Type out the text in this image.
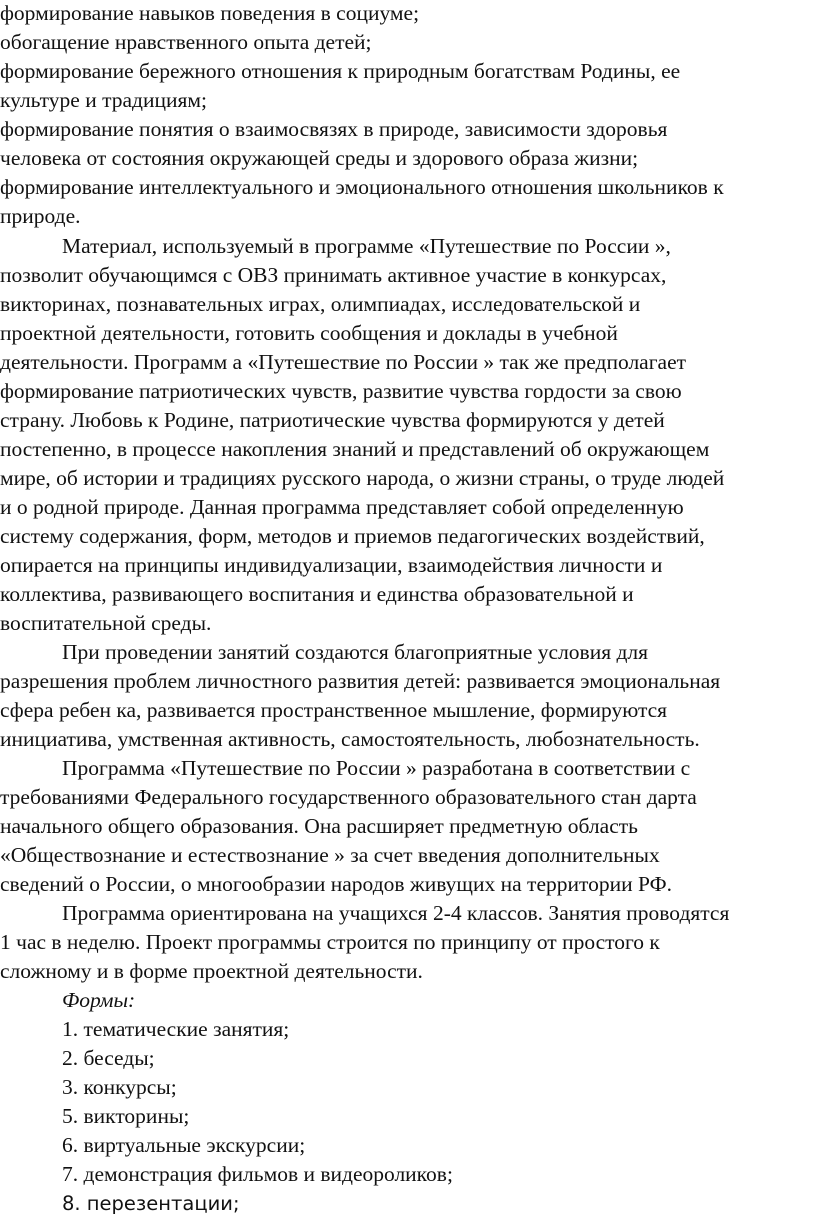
формирование навыков поведения в социуме;
обогащение нравственного опыта детей;
формирование бережного отношения к природным богатствам Родины, ее
культуре и традициям;
формирование понятия о взаимосвязях в природе, зависимости здоровья
человека от состояния окружающей среды и здорового образа жизни;
формирование интеллектуального и эмоционального отношения школьников к
природе.
Материал, используемый в программе «Путешествие по России »,
позволит обучающимся с ОВЗ принимать активное участие в конкурсах,
викторинах, познавательных играх, олимпиадах, исследовательской и
проектной деятельности, готовить сообщения и доклады в учебной
деятельности. Программ а «Путешествие по России » так же предполагает
формирование патриотических чувств, развитие чувства гордости за свою
страну. Любовь к Родине, патриотические чувства формируются у детей
постепенно, в процессе накопления знаний и представлений об окружающем
мире, об истории и традициях русского народа, о жизни страны, о труде людей
и о родной природе. Данная программа представляет собой определенную
систему содержания, форм, методов и приемов педагогических воздействий,
опирается на принципы индивидуализации, взаимодействия личности и
коллектива, развивающего воспитания и единства образовательной и
воспитательной среды.
При проведении занятий создаются благоприятные условия для
разрешения проблем личностного развития детей: развивается эмоциональная
сфера ребен ка, развивается пространственное мышление, формируются
инициатива, умственная активность, самостоятельность, любознательность.
Программа «Путешествие по России » разработана в соответствии с
требованиями Федерального государственного образовательного стан дарта
начального общего образования. Она расширяет предметную область
«Обществознание и естествознание » за счет введения дополнительных
сведений о России, о многообразии народов живущих на территории РФ.
Программа ориентирована на учащихся 2-4 классов. Занятия проводятся
1 час в неделю. Проект программы строится по принципу от простого к
сложному и в форме проектной деятельности.
Формы:
1. тематические занятия;
2. беседы;
3. конкурсы;
5. викторины;
6. виртуальные экскурсии;
7. демонстрация фильмов и видеороликов;
8. перезентации;
